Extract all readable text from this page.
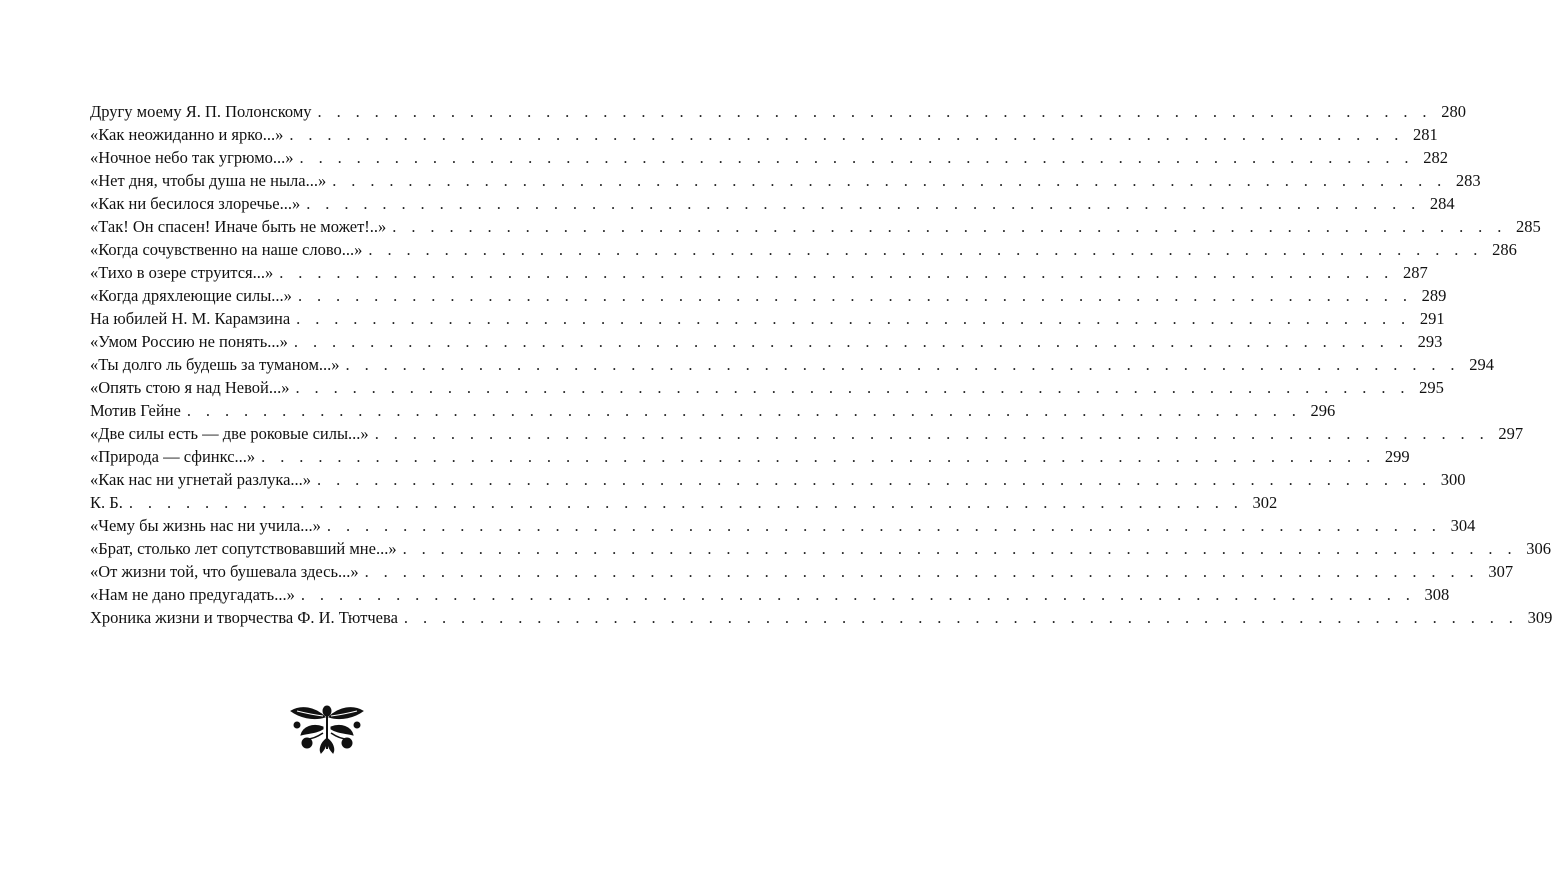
Другу моему Я. П. Полонскому . . . . . . . . . . . . . . . . . . . . . . . . . . . . . . . . . . . . . . . . . . . . . . . . . . . . . . . . . . . 280
«Как неожиданно и ярко...» . . . . . . . . . . . . . . . . . . . . . . . . . . . . . . . . . . . . . . . . . . . . . . . . . . . . . . . . . . . 281
«Ночное небо так угрюмо...» . . . . . . . . . . . . . . . . . . . . . . . . . . . . . . . . . . . . . . . . . . . . . . . . . . . . . . . . . . . 282
«Нет дня, чтобы душа не ныла...» . . . . . . . . . . . . . . . . . . . . . . . . . . . . . . . . . . . . . . . . . . . . . . . . . . . . . . . . . . . 283
«Как ни бесилося злоречье...» . . . . . . . . . . . . . . . . . . . . . . . . . . . . . . . . . . . . . . . . . . . . . . . . . . . . . . . . . . . 284
«Так! Он спасен! Иначе быть не может!..» . . . . . . . . . . . . . . . . . . . . . . . . . . . . . . . . . . . . . . . . . . . . . . . . . . . . . . . . . . . 285
«Когда сочувственно на наше слово...» . . . . . . . . . . . . . . . . . . . . . . . . . . . . . . . . . . . . . . . . . . . . . . . . . . . . . . . . . . . 286
«Тихо в озере струится...» . . . . . . . . . . . . . . . . . . . . . . . . . . . . . . . . . . . . . . . . . . . . . . . . . . . . . . . . . . . 287
«Когда дряхлеющие силы...» . . . . . . . . . . . . . . . . . . . . . . . . . . . . . . . . . . . . . . . . . . . . . . . . . . . . . . . . . . . 289
На юбилей Н. М. Карамзина . . . . . . . . . . . . . . . . . . . . . . . . . . . . . . . . . . . . . . . . . . . . . . . . . . . . . . . . . . . 291
«Умом Россию не понять...» . . . . . . . . . . . . . . . . . . . . . . . . . . . . . . . . . . . . . . . . . . . . . . . . . . . . . . . . . . . 293
«Ты долго ль будешь за туманом...» . . . . . . . . . . . . . . . . . . . . . . . . . . . . . . . . . . . . . . . . . . . . . . . . . . . . . . . . . . . 294
«Опять стою я над Невой...» . . . . . . . . . . . . . . . . . . . . . . . . . . . . . . . . . . . . . . . . . . . . . . . . . . . . . . . . . . . 295
Мотив Гейне . . . . . . . . . . . . . . . . . . . . . . . . . . . . . . . . . . . . . . . . . . . . . . . . . . . . . . . . . . . 296
«Две силы есть — две роковые силы...» . . . . . . . . . . . . . . . . . . . . . . . . . . . . . . . . . . . . . . . . . . . . . . . . . . . . . . . . . . . 297
«Природа — сфинкс...» . . . . . . . . . . . . . . . . . . . . . . . . . . . . . . . . . . . . . . . . . . . . . . . . . . . . . . . . . . . 299
«Как нас ни угнетай разлука...» . . . . . . . . . . . . . . . . . . . . . . . . . . . . . . . . . . . . . . . . . . . . . . . . . . . . . . . . . . . 300
К. Б. . . . . . . . . . . . . . . . . . . . . . . . . . . . . . . . . . . . . . . . . . . . . . . . . . . . . . . . . . . . 302
«Чему бы жизнь нас ни учила...» . . . . . . . . . . . . . . . . . . . . . . . . . . . . . . . . . . . . . . . . . . . . . . . . . . . . . . . . . . . 304
«Брат, столько лет сопутствовавший мне...» . . . . . . . . . . . . . . . . . . . . . . . . . . . . . . . . . . . . . . . . . . . . . . . . . . . . . . . . . . . 306
«От жизни той, что бушевала здесь...» . . . . . . . . . . . . . . . . . . . . . . . . . . . . . . . . . . . . . . . . . . . . . . . . . . . . . . . . . . . 307
«Нам не дано предугадать...» . . . . . . . . . . . . . . . . . . . . . . . . . . . . . . . . . . . . . . . . . . . . . . . . . . . . . . . . . . . 308
Хроника жизни и творчества Ф. И. Тютчева . . . . . . . . . . . . . . . . . . . . . . . . . . . . . . . . . . . . . . . . . . . . . . . . . . . . . . . . . . . 309
